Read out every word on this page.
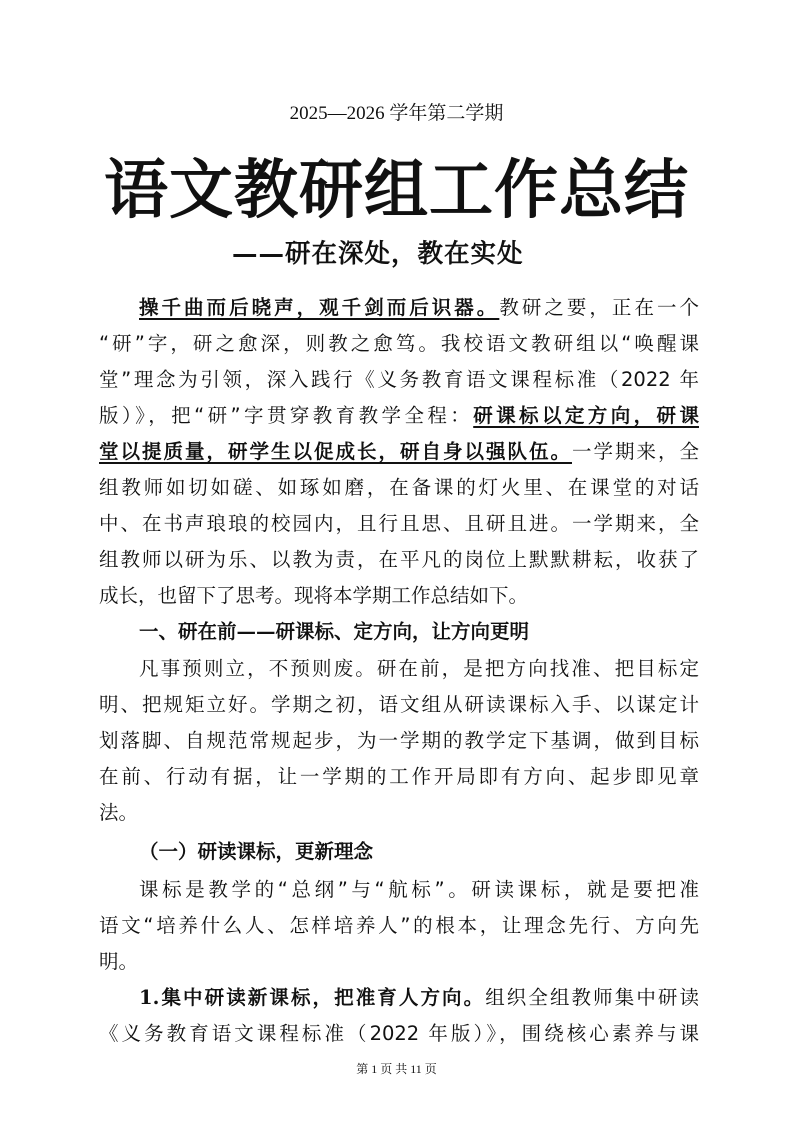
2025—2026 学年第二学期
语文教研组工作总结
——研在深处，教在实处
操千曲而后晓声，观千剑而后识器。教研之要，正在一个
“研”字，研之愈深，则教之愈笃。我校语文教研组以“唤醒课
堂”理念为引领，深入践行《义务教育语文课程标准（2022 年
版）》，把“研”字贯穿教育教学全程：研课标以定方向，研课
堂以提质量，研学生以促成长，研自身以强队伍。一学期来，全
组教师如切如磋、如琢如磨，在备课的灯火里、在课堂的对话
中、在书声琅琅的校园内，且行且思、且研且进。一学期来，全
组教师以研为乐、以教为责，在平凡的岗位上默默耕耘，收获了
成长，也留下了思考。现将本学期工作总结如下。
一、研在前——研课标、定方向，让方向更明
凡事预则立，不预则废。研在前，是把方向找准、把目标定
明、把规矩立好。学期之初，语文组从研读课标入手、以谋定计
划落脚、自规范常规起步，为一学期的教学定下基调，做到目标
在前、行动有据，让一学期的工作开局即有方向、起步即见章
法。
（一）研读课标，更新理念
课标是教学的“总纲”与“航标”。研读课标，就是要把准
语文“培养什么人、怎样培养人”的根本，让理念先行、方向先
明。
1.集中研读新课标，把准育人方向。组织全组教师集中研读
《义务教育语文课程标准（2022 年版）》，围绕核心素养与课
第 1 页 共 11 页
